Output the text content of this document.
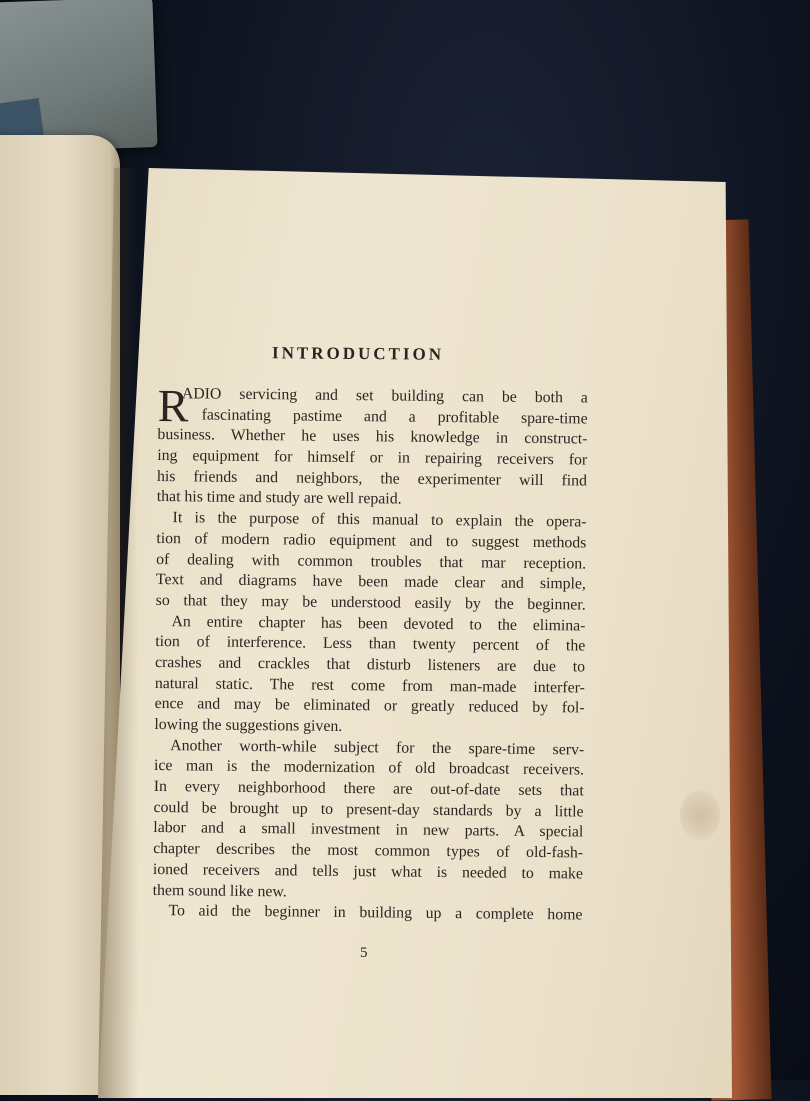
INTRODUCTION
R
ADIO servicing and set building can be both a
fascinating pastime and a profitable spare-time
business. Whether he uses his knowledge in construct-
ing equipment for himself or in repairing receivers for
his friends and neighbors, the experimenter will find
that his time and study are well repaid.
It is the purpose of this manual to explain the opera-
tion of modern radio equipment and to suggest methods
of dealing with common troubles that mar reception.
Text and diagrams have been made clear and simple,
so that they may be understood easily by the beginner.
An entire chapter has been devoted to the elimina-
tion of interference. Less than twenty percent of the
crashes and crackles that disturb listeners are due to
natural static. The rest come from man-made interfer-
ence and may be eliminated or greatly reduced by fol-
lowing the suggestions given.
Another worth-while subject for the spare-time serv-
ice man is the modernization of old broadcast receivers.
In every neighborhood there are out-of-date sets that
could be brought up to present-day standards by a little
labor and a small investment in new parts. A special
chapter describes the most common types of old-fash-
ioned receivers and tells just what is needed to make
them sound like new.
To aid the beginner in building up a complete home
5
